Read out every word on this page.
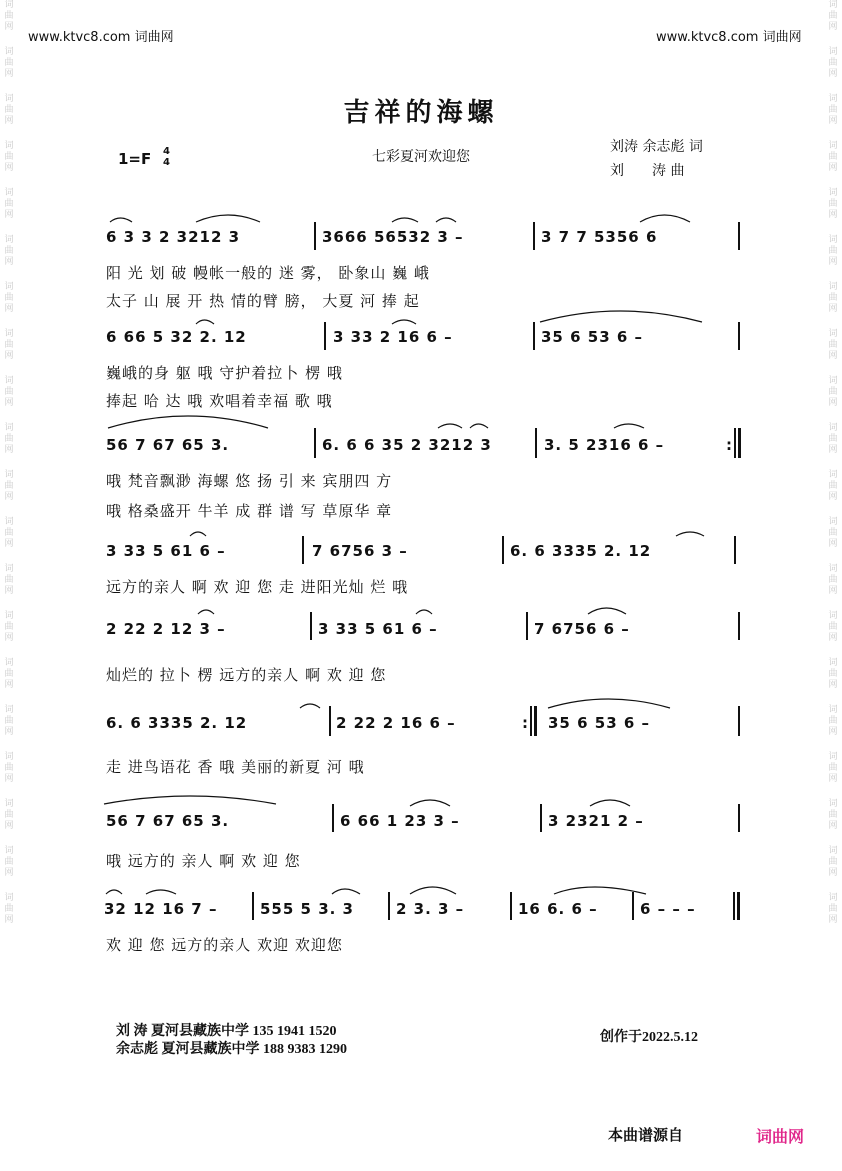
词
曲
网
词
曲
网
词
曲
网
词
曲
网
词
曲
网
词
曲
网
词
曲
网
词
曲
网
词
曲
网
词
曲
网
词
曲
网
词
曲
网
词
曲
网
词
曲
网
词
曲
网
词
曲
网
词
曲
网
词
曲
网
词
曲
网
词
曲
网
词
曲
网
词
曲
网
词
曲
网
词
曲
网
词
曲
网
词
曲
网
词
曲
网
词
曲
网
词
曲
网
词
曲
网
词
曲
网
词
曲
网
词
曲
网
词
曲
网
词
曲
网
词
曲
网
词
曲
网
词
曲
网
词
曲
网
词
曲
网
www.ktvc8.com 词曲网	www.ktvc8.com 词曲网
吉祥的海螺
1=F 4
4	七彩夏河欢迎您
刘涛 余志彪 词
刘　　涛 曲
6 3 3 2 3212 3	3666 56532 3 –	3 7 7 5356 6
阳 光 划 破 幔帐一般的 迷 雾， 卧象山 巍 峨
太子 山 展 开 热 情的臂 膀， 大夏 河 捧 起
6 66 5 32 2. 12	3 33 2 16 6 –	35 6 53 6 –
巍峨的身 躯 哦 守护着拉卜 楞 哦
捧起 哈 达 哦 欢唱着幸福 歌 哦
56 7 67 65 3.	6. 6 6 35 2 3212 3	3. 5 2316 6 –	:
哦 梵音飘渺 海螺 悠 扬 引 来 宾朋四 方
哦 格桑盛开 牛羊 成 群 谱 写 草原华 章
3 33 5 61 6 –	7 6756 3 –	6. 6 3335 2. 12
远方的亲人 啊 欢 迎 您 走 进阳光灿 烂 哦
2 22 2 12 3 –	3 33 5 61 6 –	7 6756 6 –
灿烂的 拉卜 楞 远方的亲人 啊 欢 迎 您
6. 6 3335 2. 12	2 22 2 16 6 –	35 6 53 6 –
:
走 进鸟语花 香 哦 美丽的新夏 河 哦
56 7 67 65 3.	6 66 1 23 3 –	3 2321 2 –
哦 远方的 亲人 啊 欢 迎 您
32 12 16 7 –	555 5 3. 3	2 3. 3 –	16 6. 6 –	6 – – –
欢 迎 您 远方的亲人 欢迎 欢迎您
刘 涛 夏河县藏族中学 135 1941 1520
余志彪 夏河县藏族中学 188 9383 1290
创作于2022.5.12
本曲谱源自	词曲网
